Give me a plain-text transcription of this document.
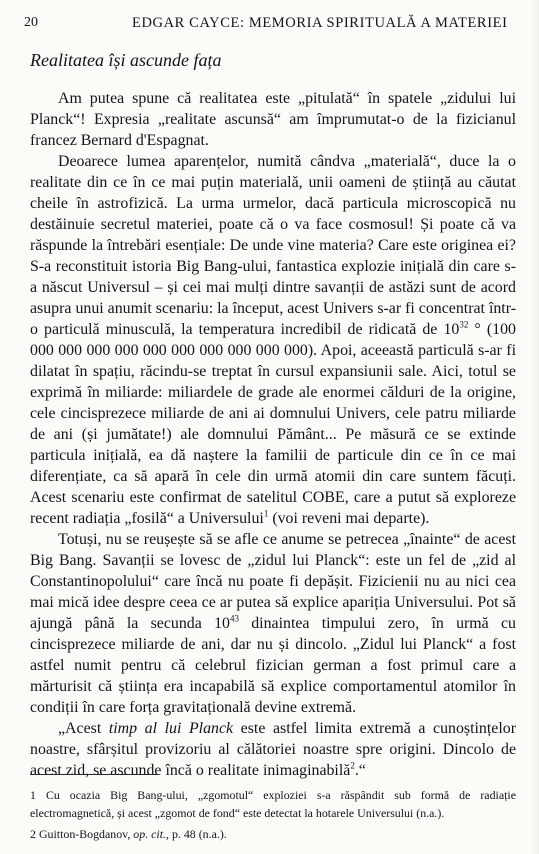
20	EDGAR CAYCE: MEMORIA SPIRITUALĂ A MATERIEI
Realitatea își ascunde fața

Am putea spune că realitatea este „pitulată“ în spatele „zidului lui Planck“! Expresia „realitate ascunsă“ am împrumutat-o de la fizicianul francez Bernard d'Espagnat.

Deoarece lumea aparențelor, numită cândva „materială“, duce la o realitate din ce în ce mai puțin materială, unii oameni de știință au căutat cheile în astrofizică. La urma urmelor, dacă particula microscopică nu destăinuie secretul materiei, poate că o va face cosmosul! Și poate că va răspunde la întrebări esențiale: De unde vine materia? Care este originea ei? S-a reconstituit istoria Big Bang-ului, fantastica explozie inițială din care s-a născut Universul – și cei mai mulți dintre savanții de astăzi sunt de acord asupra unui anumit scenariu: la început, acest Univers s-ar fi concentrat într-o particulă minusculă, la temperatura incredibil de ridicată de $10^{32}$ ° (100 000 000 000 000 000 000 000 000 000 000). Apoi, aceeastă particulă s-ar fi dilatat în spațiu, răcindu-se treptat în cursul expansiunii sale. Aici, totul se exprimă în miliarde: miliardele de grade ale enormei călduri de la origine, cele cincisprezece miliarde de ani ai domnului Univers, cele patru miliarde de ani (și jumătate!) ale domnului Pământ... Pe măsură ce se extinde particula inițială, ea dă naștere la familii de particule din ce în ce mai diferențiate, ca să apară în cele din urmă atomii din care suntem făcuți. Acest scenariu este confirmat de satelitul COBE, care a putut să exploreze recent radiația „fosilă“ a Universului$^1$ (voi reveni mai departe).

Totuși, nu se reușește să se afle ce anume se petrecea „înainte“ de acest Big Bang. Savanții se lovesc de „zidul lui Planck“: este un fel de „zid al Constantinopolului“ care încă nu poate fi depășit. Fizicienii nu au nici cea mai mică idee despre ceea ce ar putea să explice apariția Universului. Pot să ajungă până la secunda $10^{43}$ dinaintea timpului zero, în urmă cu cincisprezece miliarde de ani, dar nu și dincolo. „Zidul lui Planck“ a fost astfel numit pentru că celebrul fizician german a fost primul care a mărturisit că știința era incapabilă să explice comportamentul atomilor în condiții în care forța gravitațională devine extremă.

„Acest timp al lui Planck este astfel limita extremă a cunoștințelor noastre, sfârșitul provizoriu al călătoriei noastre spre origini. Dincolo de acest zid, se ascunde încă o realitate inimaginabilă$^2$.“

1 Cu ocazia Big Bang-ului, „zgomotul“ exploziei s-a răspândit sub formă de radiație electromagnetică, și acest „zgomot de fond“ este detectat la hotarele Universului (n.a.).

2 Guitton-Bogdanov, op. cit., p. 48 (n.a.).
